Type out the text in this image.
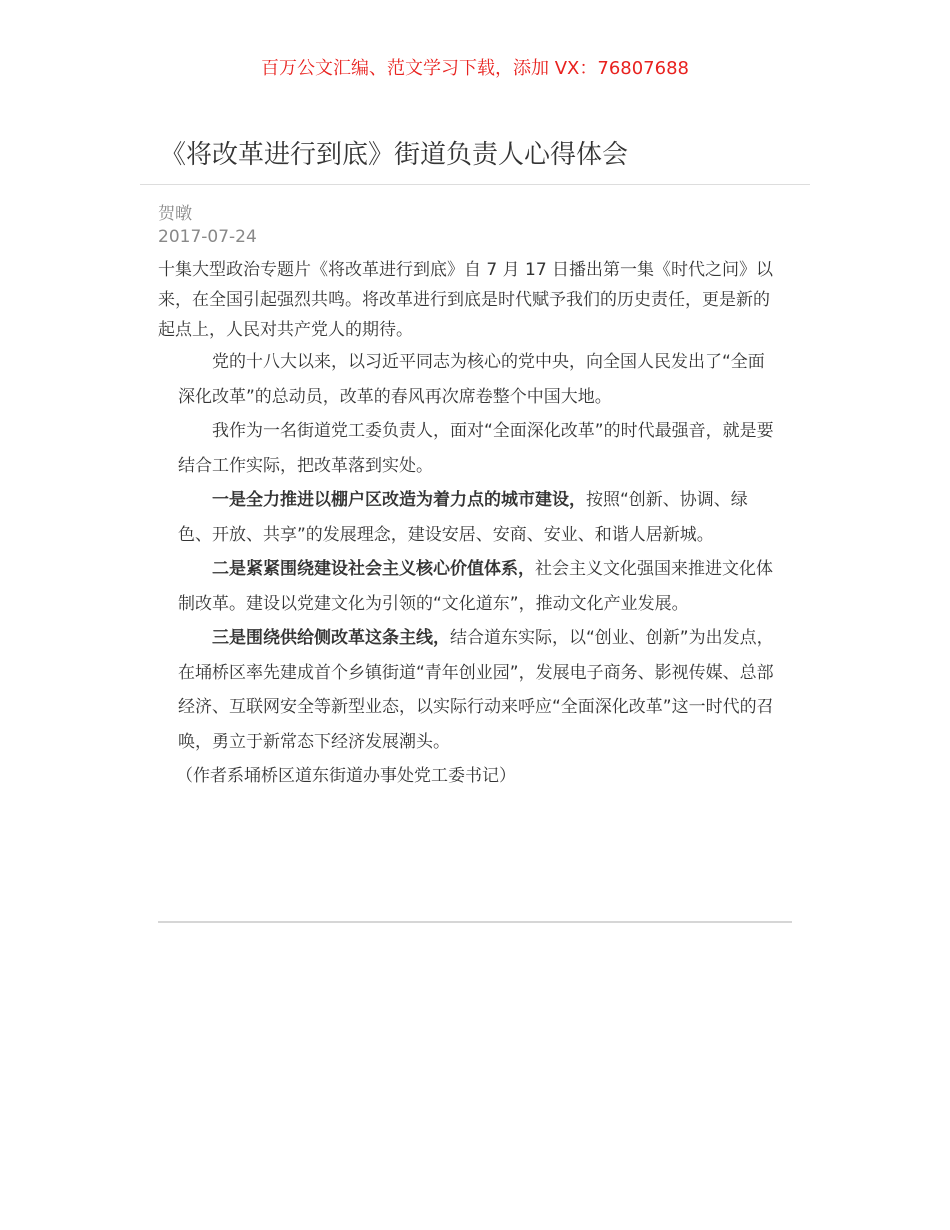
百万公文汇编、范文学习下载，添加 VX：76807688
《将改革进行到底》街道负责人心得体会
贺暾
2017-07-24

十集大型政治专题片《将改革进行到底》自 7 月 17 日播出第一集《时代之问》以来，在全国引起强烈共鸣。将改革进行到底是时代赋予我们的历史责任，更是新的起点上，人民对共产党人的期待。

党的十八大以来，以习近平同志为核心的党中央，向全国人民发出了“全面深化改革”的总动员，改革的春风再次席卷整个中国大地。

我作为一名街道党工委负责人，面对“全面深化改革”的时代最强音，就是要结合工作实际，把改革落到实处。

一是全力推进以棚户区改造为着力点的城市建设，按照“创新、协调、绿色、开放、共享”的发展理念，建设安居、安商、安业、和谐人居新城。

二是紧紧围绕建设社会主义核心价值体系，社会主义文化强国来推进文化体制改革。建设以党建文化为引领的“文化道东”，推动文化产业发展。

三是围绕供给侧改革这条主线，结合道东实际，以“创业、创新”为出发点，在埇桥区率先建成首个乡镇街道“青年创业园”，发展电子商务、影视传媒、总部经济、互联网安全等新型业态，以实际行动来呼应“全面深化改革”这一时代的召唤，勇立于新常态下经济发展潮头。

（作者系埇桥区道东街道办事处党工委书记）
